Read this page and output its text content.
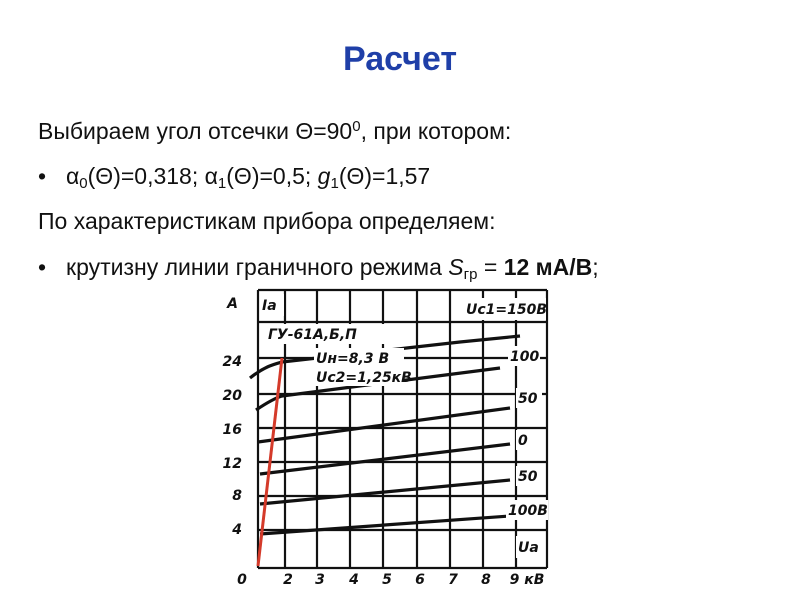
Расчет
Выбираем угол отсечки $\Theta=90^0$, при котором:
• $\alpha_0(\Theta)=0,318$; $\alpha_1(\Theta)=0,5$; $g_1(\Theta)=1,57$
По характеристикам прибора определяем:
• крутизну линии граничного режима $S_{гр} = 12$ мА/В;
A
24
20
16
12
8
4
0	2 3 4 5 6 7 8 9 кВ
Ia
ГУ-61А,Б,П
Uн=8,3 В
Uс2=1,25кВ
Uс1=150В
100
50
0
50
100В
Ua
